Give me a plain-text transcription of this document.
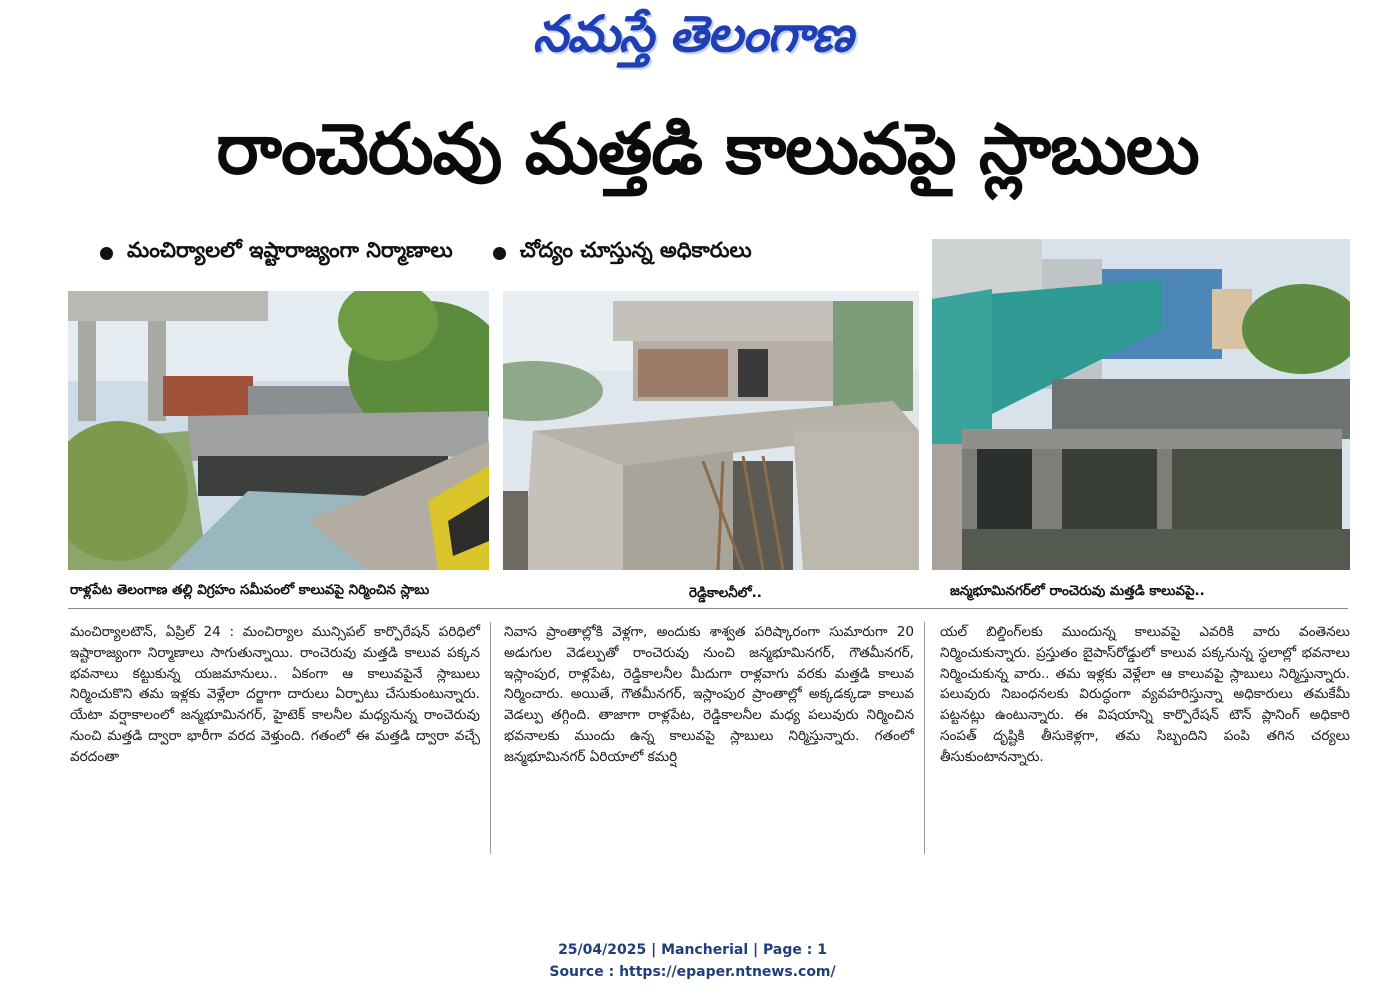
నమస్తే తెలంగాణ
రాంచెరువు మత్తడి కాలువపై స్లాబులు
మంచిర్యాలలో ఇష్టారాజ్యంగా నిర్మాణాలు	చోద్యం చూస్తున్న అధికారులు
రాళ్లపేట తెలంగాణ తల్లి విగ్రహం సమీపంలో కాలువపై నిర్మించిన స్లాబు	రెడ్డికాలనీలో..	జన్మభూమినగర్‌లో రాంచెరువు మత్తడి కాలువపై..

మంచిర్యాలటౌన్‌, ఏప్రిల్‌ 24 : మంచిర్యాల మున్సిపల్‌ కార్పొరేషన్‌ పరిధిలో ఇష్టారాజ్యంగా నిర్మాణాలు సాగుతున్నాయి. రాంచెరువు మత్తడి కాలువ పక్కన భవనాలు కట్టుకున్న యజమానులు.. ఏకంగా ఆ కాలువపైనే స్లాబులు నిర్మించుకొని తమ ఇళ్లకు వెళ్లేలా దర్జాగా దారులు ఏర్పాటు చేసుకుంటున్నారు. యేటా వర్షాకాలంలో జన్మభూమినగర్‌, హైటెక్‌ కాలనీల మధ్యనున్న రాంచెరువు నుంచి మత్తడి ద్వారా భారీగా వరద వెళ్తుంది. గతంలో ఈ మత్తడి ద్వారా వచ్చే వరదంతా

నివాస ప్రాంతాల్లోకి వెళ్లగా, అందుకు శాశ్వత పరిష్కారంగా సుమారుగా 20 అడుగుల వెడల్పుతో రాంచెరువు నుంచి జన్మభూమినగర్‌, గౌతమీనగర్‌, ఇస్లాంపుర, రాళ్లపేట, రెడ్డికాలనీల మీదుగా రాళ్లవాగు వరకు మత్తడి కాలువ నిర్మించారు. అయితే, గౌతమీనగర్‌, ఇస్లాంపుర ప్రాంతాల్లో అక్కడక్కడా కాలువ వెడల్పు తగ్గింది. తాజాగా రాళ్లపేట, రెడ్డికాలనీల మధ్య పలువురు నిర్మించిన భవనాలకు ముందు ఉన్న కాలువపై స్లాబులు నిర్మిస్తున్నారు. గతంలో జన్మభూమినగర్‌ ఏరియాలో కమర్షి

యల్‌ బిల్డింగ్‌లకు ముందున్న కాలువపై ఎవరికి వారు వంతెనలు నిర్మించుకున్నారు. ప్రస్తుతం బైపాస్‌రోడ్డులో కాలువ పక్కనున్న స్థలాల్లో భవనాలు నిర్మించుకున్న వారు.. తమ ఇళ్లకు వెళ్లేలా ఆ కాలువపై స్లాబులు నిర్మిస్తున్నారు. పలువురు నిబంధనలకు విరుద్ధంగా వ్యవహరిస్తున్నా అధికారులు తమకేమీ పట్టనట్లు ఉంటున్నారు. ఈ విషయాన్ని కార్పొరేషన్‌ టౌన్‌ ప్లానింగ్‌ అధికారి సంపత్‌ దృష్టికి తీసుకెళ్లగా, తమ సిబ్బందిని పంపి తగిన చర్యలు తీసుకుంటానన్నారు.

25/04/2025 | Mancherial | Page : 1
Source : https://epaper.ntnews.com/
